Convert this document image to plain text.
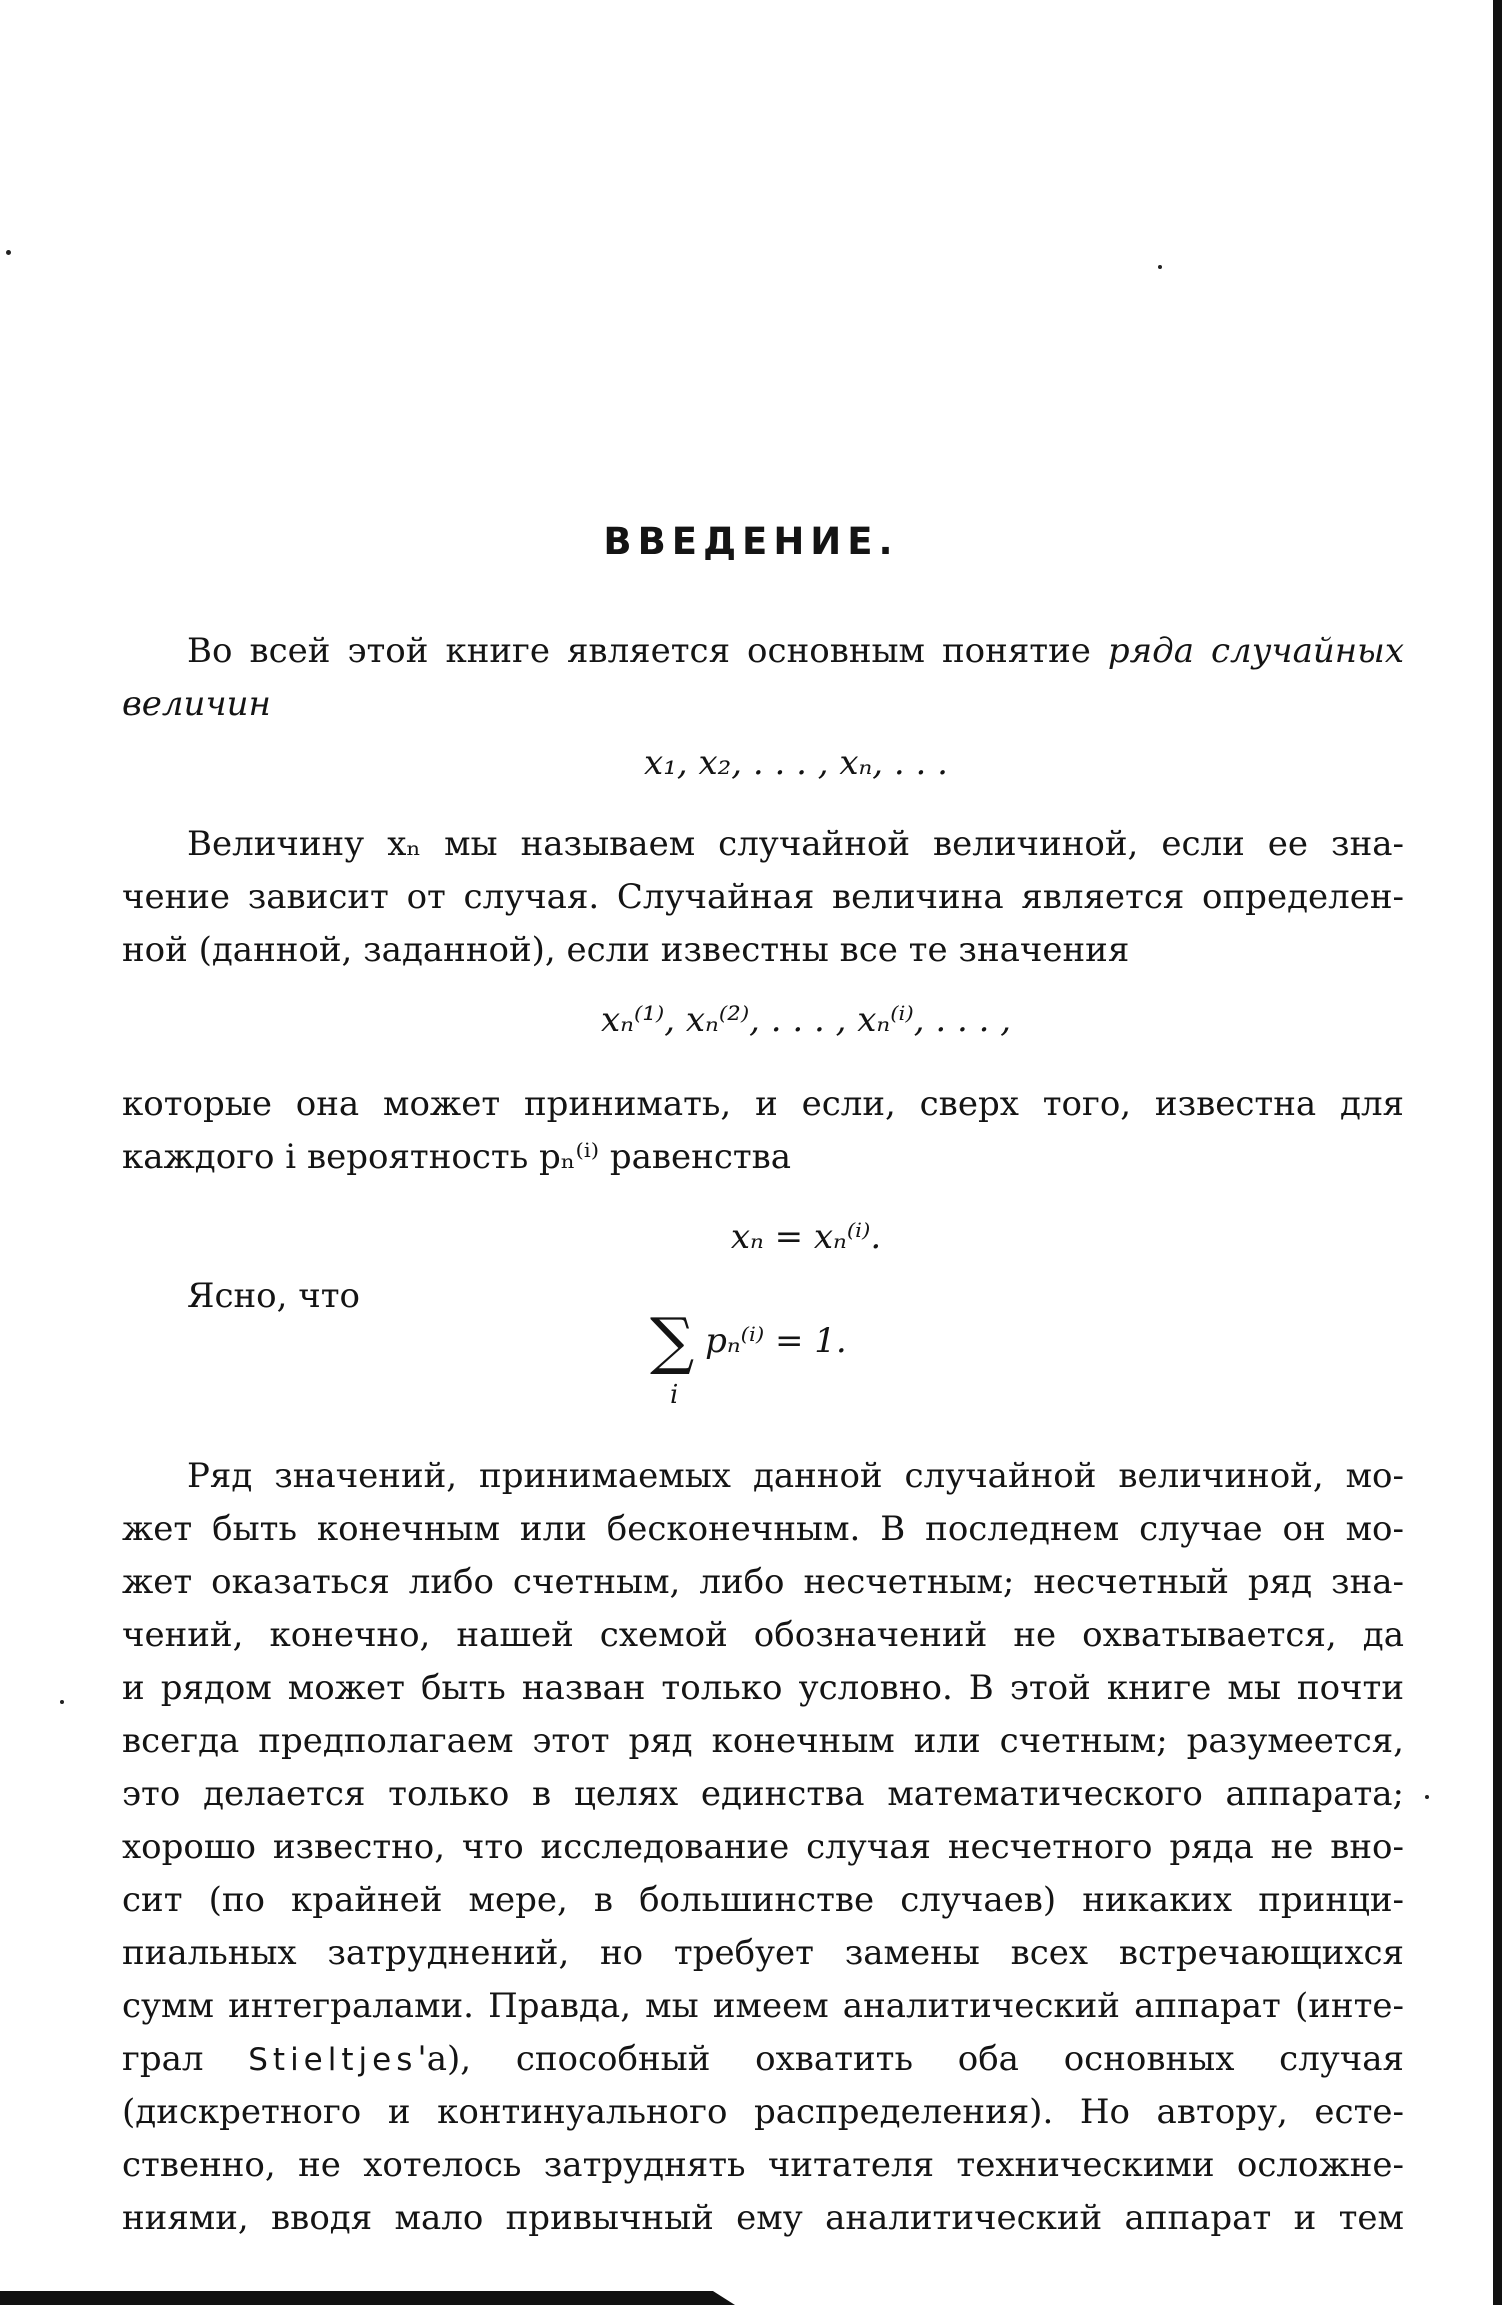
ВВЕДЕНИЕ.
Во всей этой книге является основным понятие ряда случайных
величин
x₁, x₂, . . . , xₙ, . . .
Величину xₙ мы называем случайной величиной, если ее зна-
чение зависит от случая. Случайная величина является определен-
ной (данной, заданной), если известны все те значения
xₙ⁽¹⁾, xₙ⁽²⁾, . . . , xₙ⁽ⁱ⁾, . . . ,
которые она может принимать, и если, сверх того, известна для
каждого i вероятность pₙ⁽ⁱ⁾ равенства
xₙ = xₙ⁽ⁱ⁾.
Ясно, что
∑ pₙ⁽ⁱ⁾ = 1.
i
Ряд значений, принимаемых данной случайной величиной, мо-
жет быть конечным или бесконечным. В последнем случае он мо-
жет оказаться либо счетным, либо несчетным; несчетный ряд зна-
чений, конечно, нашей схемой обозначений не охватывается, да
и рядом может быть назван только условно. В этой книге мы почти
всегда предполагаем этот ряд конечным или счетным; разумеется,
это делается только в целях единства математического аппарата;
хорошо известно, что исследование случая несчетного ряда не вно-
сит (по крайней мере, в большинстве случаев) никаких принци-
пиальных затруднений, но требует замены всех встречающихся
сумм интегралами. Правда, мы имеем аналитический аппарат (инте-
грал Stieltjes'a), способный охватить оба основных случая
(дискретного и континуального распределения). Но автору, есте-
ственно, не хотелось затруднять читателя техническими осложне-
ниями, вводя мало привычный ему аналитический аппарат и тем
